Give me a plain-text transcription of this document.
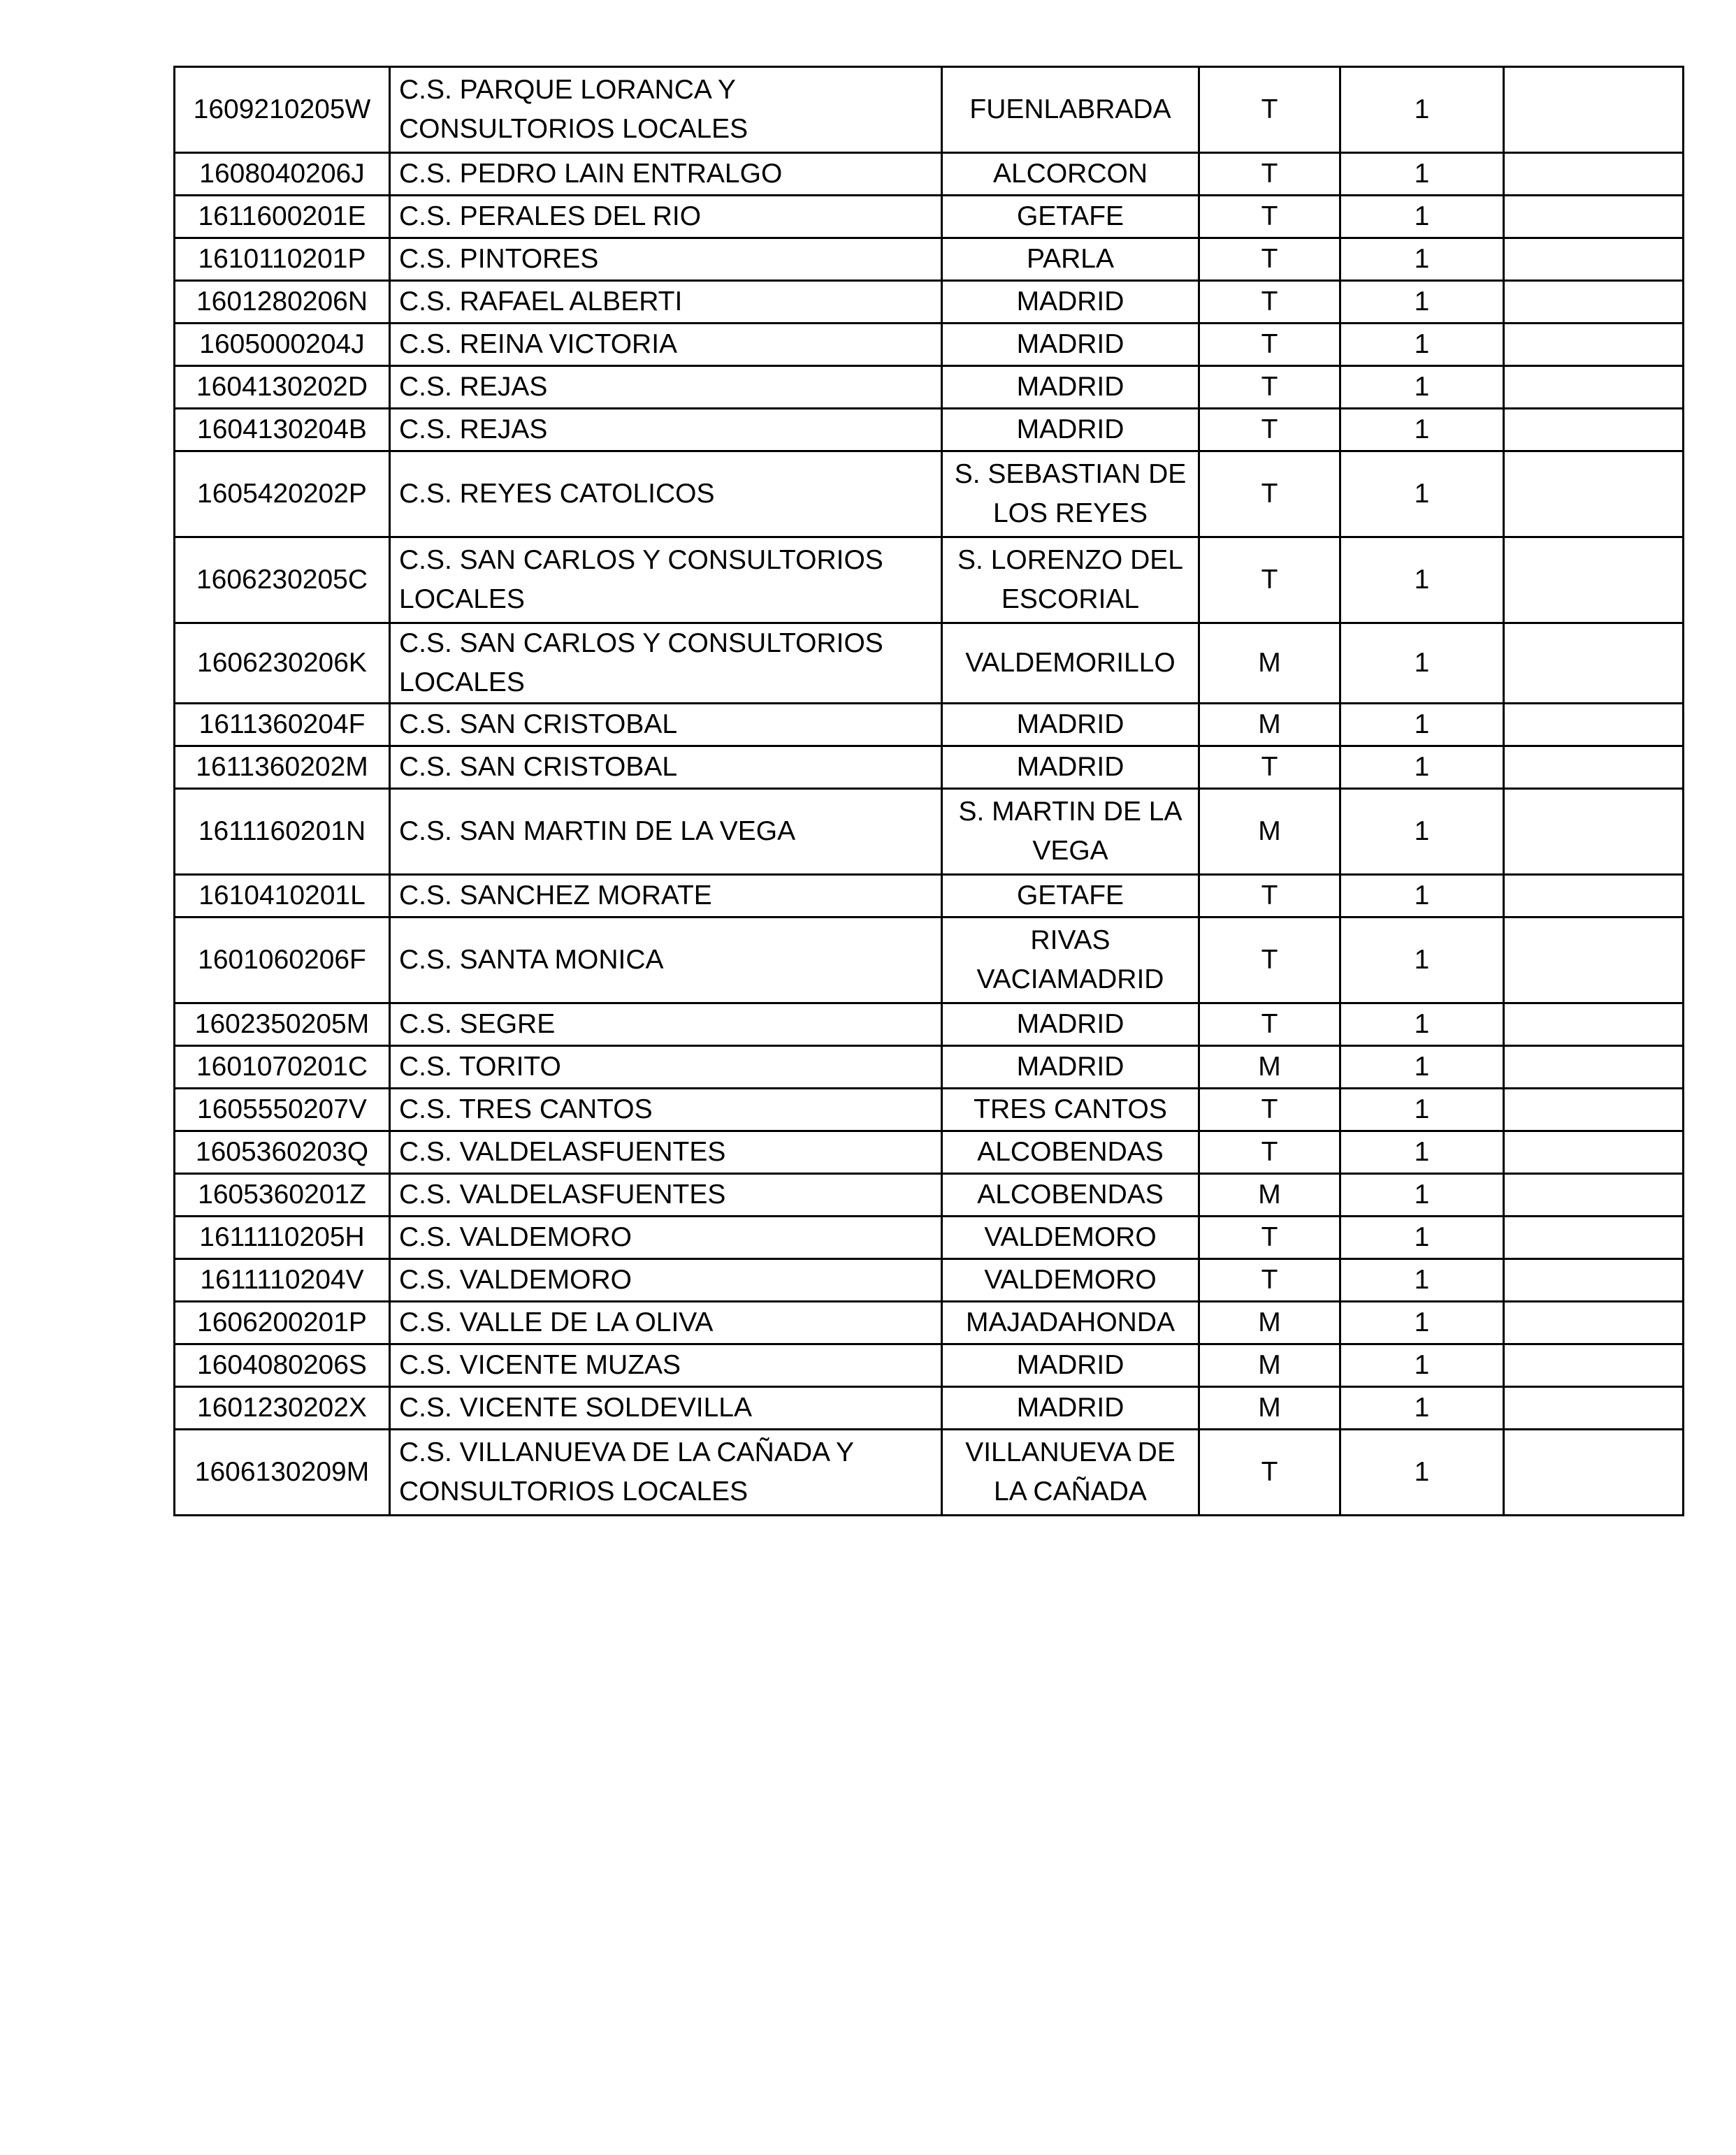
1609210205W	C.S. PARQUE LORANCA Y CONSULTORIOS LOCALES	FUENLABRADA	T	1	
1608040206J	C.S. PEDRO LAIN ENTRALGO	ALCORCON	T	1	
1611600201E	C.S. PERALES DEL RIO	GETAFE	T	1	
1610110201P	C.S. PINTORES	PARLA	T	1	
1601280206N	C.S. RAFAEL ALBERTI	MADRID	T	1	
1605000204J	C.S. REINA VICTORIA	MADRID	T	1	
1604130202D	C.S. REJAS	MADRID	T	1	
1604130204B	C.S. REJAS	MADRID	T	1	
1605420202P	C.S. REYES CATOLICOS	S. SEBASTIAN DE LOS REYES	T	1	
1606230205C	C.S. SAN CARLOS Y CONSULTORIOS LOCALES	S. LORENZO DEL ESCORIAL	T	1	
1606230206K	C.S. SAN CARLOS Y CONSULTORIOS LOCALES	VALDEMORILLO	M	1	
1611360204F	C.S. SAN CRISTOBAL	MADRID	M	1	
1611360202M	C.S. SAN CRISTOBAL	MADRID	T	1	
1611160201N	C.S. SAN MARTIN DE LA VEGA	S. MARTIN DE LA VEGA	M	1	
1610410201L	C.S. SANCHEZ MORATE	GETAFE	T	1	
1601060206F	C.S. SANTA MONICA	RIVAS VACIAMADRID	T	1	
1602350205M	C.S. SEGRE	MADRID	T	1	
1601070201C	C.S. TORITO	MADRID	M	1	
1605550207V	C.S. TRES CANTOS	TRES CANTOS	T	1	
1605360203Q	C.S. VALDELASFUENTES	ALCOBENDAS	T	1	
1605360201Z	C.S. VALDELASFUENTES	ALCOBENDAS	M	1	
1611110205H	C.S. VALDEMORO	VALDEMORO	T	1	
1611110204V	C.S. VALDEMORO	VALDEMORO	T	1	
1606200201P	C.S. VALLE DE LA OLIVA	MAJADAHONDA	M	1	
1604080206S	C.S. VICENTE MUZAS	MADRID	M	1	
1601230202X	C.S. VICENTE SOLDEVILLA	MADRID	M	1	
1606130209M	C.S. VILLANUEVA DE LA CAÑADA Y CONSULTORIOS LOCALES	VILLANUEVA DE LA CAÑADA	T	1	
